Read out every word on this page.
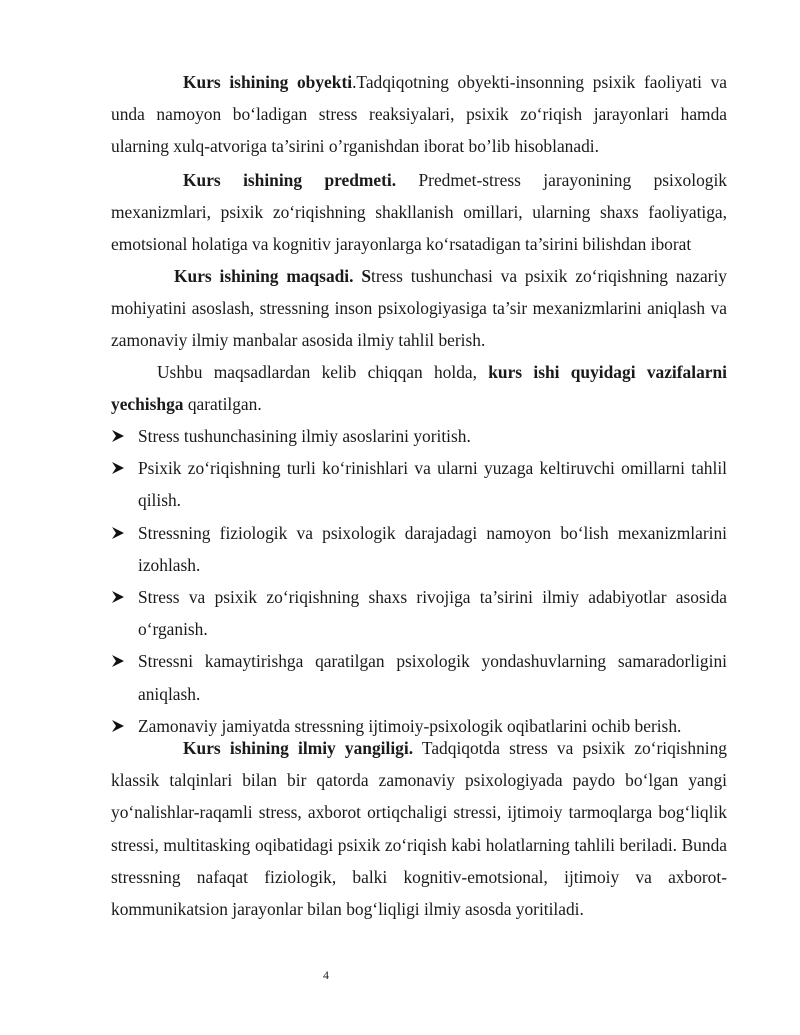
Kurs ishining obyekti.Tadqiqotning obyekti-insonning psixik faoliyati va unda namoyon boʻladigan stress reaksiyalari, psixik zoʻriqish jarayonlari hamda ularning xulq-atvoriga ta’sirini o’rganishdan iborat bo’lib hisoblanadi.

Kurs ishining predmeti. Predmet-stress jarayonining psixologik mexanizmlari, psixik zoʻriqishning shakllanish omillari, ularning shaxs faoliyatiga, emotsional holatiga va kognitiv jarayonlarga koʻrsatadigan ta’sirini bilishdan iborat

Kurs ishining maqsadi. Stress tushunchasi va psixik zoʻriqishning nazariy mohiyatini asoslash, stressning inson psixologiyasiga ta’sir mexanizmlarini aniqlash va zamonaviy ilmiy manbalar asosida ilmiy tahlil berish.

Ushbu maqsadlardan kelib chiqqan holda, kurs ishi quyidagi vazifalarni yechishga qaratilgan.

Stress tushunchasining ilmiy asoslarini yoritish.
Psixik zoʻriqishning turli koʻrinishlari va ularni yuzaga keltiruvchi omillarni tahlil qilish.
Stressning fiziologik va psixologik darajadagi namoyon boʻlish mexanizmlarini izohlash.
Stress va psixik zoʻriqishning shaxs rivojiga ta’sirini ilmiy adabiyotlar asosida oʻrganish.
Stressni kamaytirishga qaratilgan psixologik yondashuvlarning samaradorligini aniqlash.
Zamonaviy jamiyatda stressning ijtimoiy-psixologik oqibatlarini ochib berish.

Kurs ishining ilmiy yangiligi. Tadqiqotda stress va psixik zoʻriqishning klassik talqinlari bilan bir qatorda zamonaviy psixologiyada paydo boʻlgan yangi yoʻnalishlar-raqamli stress, axborot ortiqchaligi stressi, ijtimoiy tarmoqlarga bogʻliqlik stressi, multitasking oqibatidagi psixik zoʻriqish kabi holatlarning tahlili beriladi. Bunda stressning nafaqat fiziologik, balki kognitiv-emotsional, ijtimoiy va axborot-kommunikatsion jarayonlar bilan bogʻliqligi ilmiy asosda yoritiladi.

4
